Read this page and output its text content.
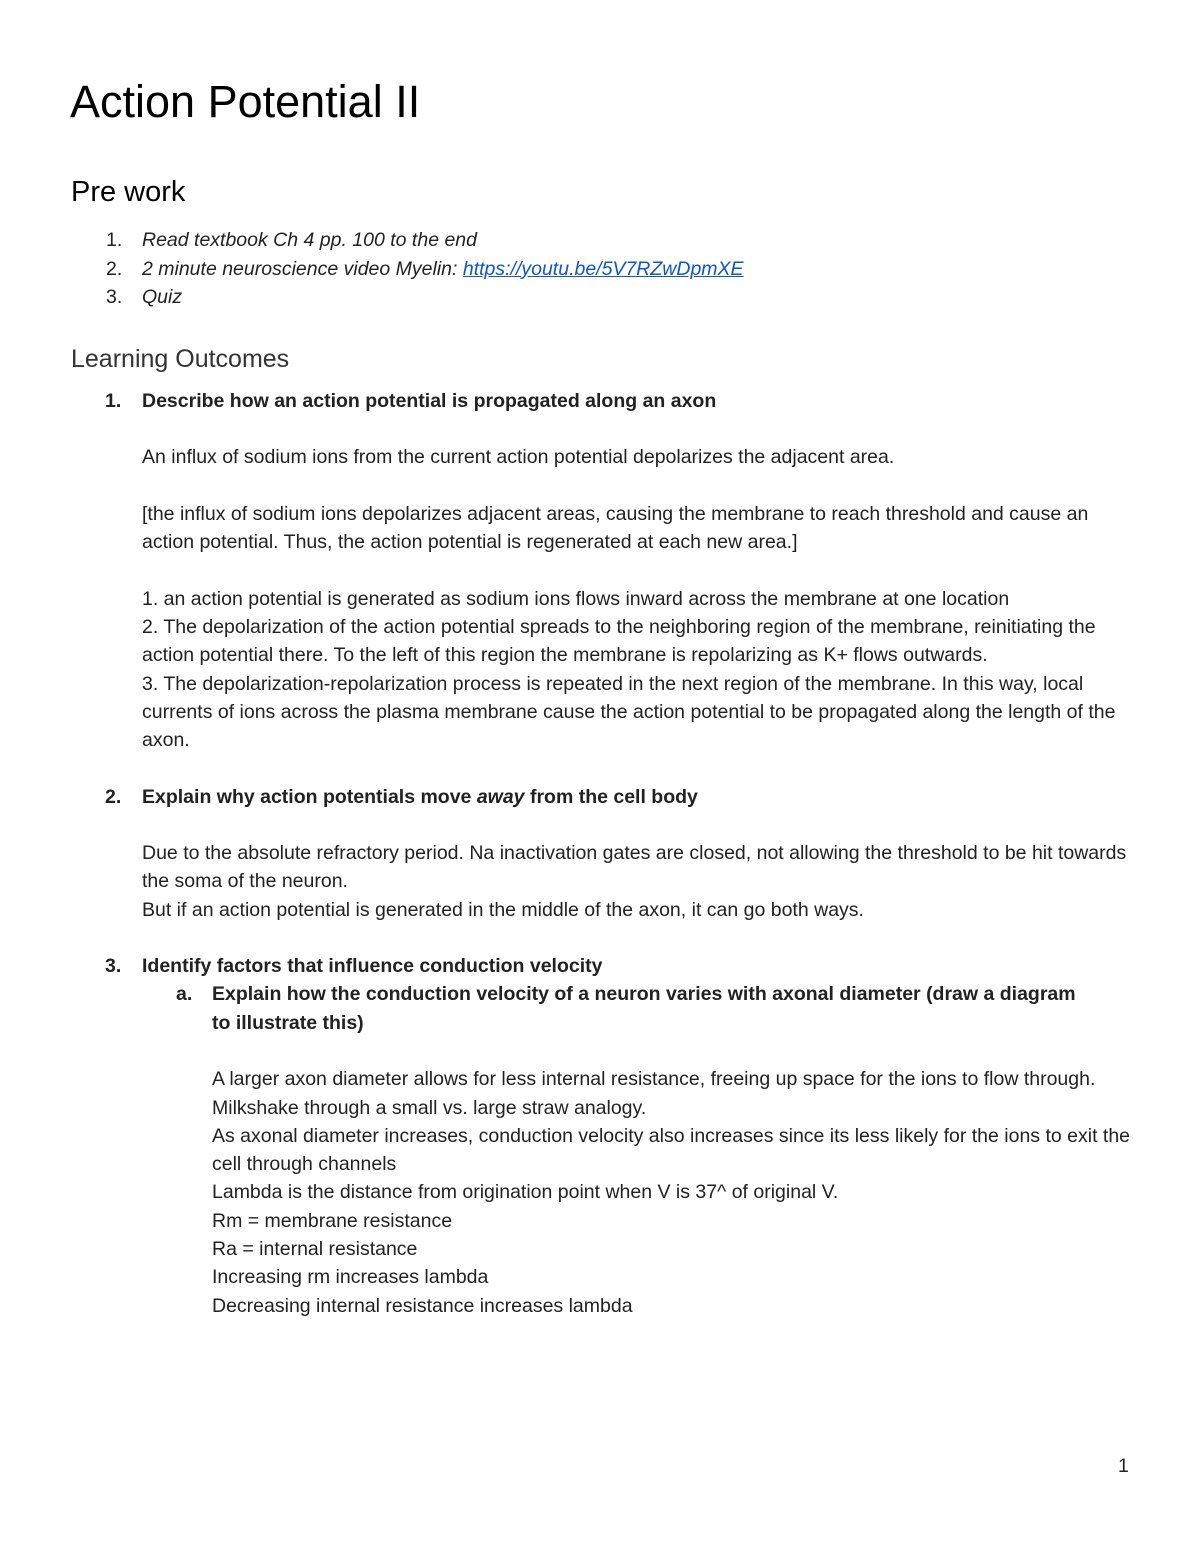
Action Potential II
Pre work
1. Read textbook Ch 4 pp. 100 to the end
2. 2 minute neuroscience video Myelin: https://youtu.be/5V7RZwDpmXE
3. Quiz
Learning Outcomes
1. Describe how an action potential is propagated along an axon

An influx of sodium ions from the current action potential depolarizes the adjacent area.

[the influx of sodium ions depolarizes adjacent areas, causing the membrane to reach threshold and cause an action potential. Thus, the action potential is regenerated at each new area.]

1. an action potential is generated as sodium ions flows inward across the membrane at one location

2. The depolarization of the action potential spreads to the neighboring region of the membrane, reinitiating the action potential there. To the left of this region the membrane is repolarizing as K+ flows outwards.

3. The depolarization-repolarization process is repeated in the next region of the membrane. In this way, local currents of ions across the plasma membrane cause the action potential to be propagated along the length of the axon.

2. Explain why action potentials move away from the cell body

Due to the absolute refractory period. Na inactivation gates are closed, not allowing the threshold to be hit towards the soma of the neuron.

But if an action potential is generated in the middle of the axon, it can go both ways.

3. Identify factors that influence conduction velocity
a. Explain how the conduction velocity of a neuron varies with axonal diameter (draw a diagram to illustrate this)

A larger axon diameter allows for less internal resistance, freeing up space for the ions to flow through.

Milkshake through a small vs. large straw analogy.

As axonal diameter increases, conduction velocity also increases since its less likely for the ions to exit the cell through channels

Lambda is the distance from origination point when V is 37^ of original V.

Rm = membrane resistance

Ra = internal resistance

Increasing rm increases lambda

Decreasing internal resistance increases lambda

1
